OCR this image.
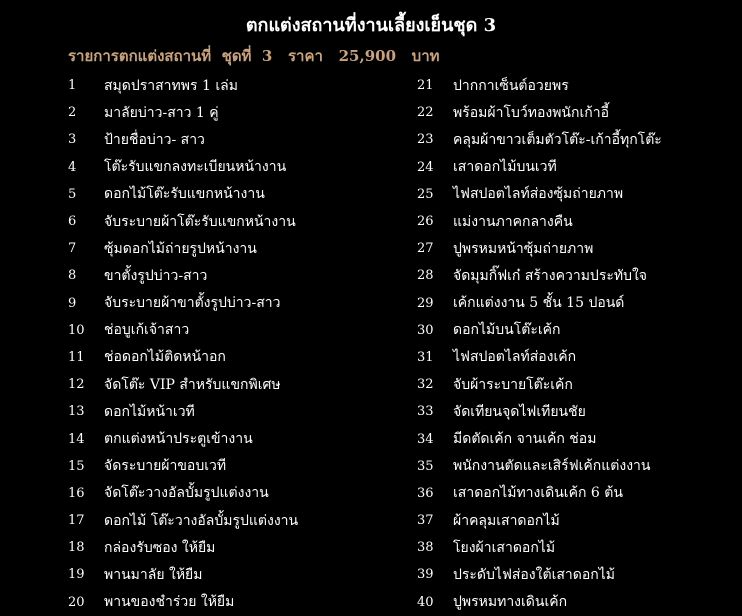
ตกแต่งสถานที่งานเลี้ยงเย็นชุด 3
รายการตกแต่งสถานที่  ชุดที่  3   ราคา   25,900   บาท
1	สมุดปราสาทพร 1 เล่ม
2	มาลัยบ่าว-สาว 1 คู่
3	ป้ายชื่อบ่าว- สาว
4	โต๊ะรับแขกลงทะเบียนหน้างาน
5	ดอกไม้โต๊ะรับแขกหน้างาน
6	จับระบายผ้าโต๊ะรับแขกหน้างาน
7	ซุ้มดอกไม้ถ่ายรูปหน้างาน
8	ขาตั้งรูปบ่าว-สาว
9	จับระบายผ้าขาตั้งรูปบ่าว-สาว
10	ช่อบูเก้เจ้าสาว
11	ช่อดอกไม้ติดหน้าอก
12	จัดโต๊ะ VIP สำหรับแขกพิเศษ
13	ดอกไม้หน้าเวที
14	ตกแต่งหน้าประตูเข้างาน
15	จัดระบายผ้าขอบเวที
16	จัดโต๊ะวางอัลบั้มรูปแต่งงาน
17	ดอกไม้ โต๊ะวางอัลบั้มรูปแต่งงาน
18	กล่องรับซอง ให้ยืม
19	พานมาลัย ให้ยืม
20	พานของชำร่วย ให้ยืม
21	ปากกาเซ็นต์อวยพร
22	พร้อมผ้าโบว์ทองพนักเก้าอี้
23	คลุมผ้าขาวเต็มตัวโต๊ะ-เก้าอี้ทุกโต๊ะ
24	เสาดอกไม้บนเวที
25	ไฟสปอตไลท์ส่องซุ้มถ่ายภาพ
26	แม่งานภาคกลางคืน
27	ปูพรหมหน้าซุ้มถ่ายภาพ
28	จัดมุมกิ๊ฟเก๋ สร้างความประทับใจ
29	เค้กแต่งงาน 5 ชั้น 15 ปอนด์
30	ดอกไม้บนโต๊ะเค้ก
31	ไฟสปอตไลท์ส่องเค้ก
32	จับผ้าระบายโต๊ะเค้ก
33	จัดเทียนจุดไฟเทียนชัย
34	มีดตัดเค้ก จานเค้ก ช่อม
35	พนักงานตัดและเสิร์ฟเค้กแต่งงาน
36	เสาดอกไม้ทางเดินเค้ก 6 ต้น
37	ผ้าคลุมเสาดอกไม้
38	โยงผ้าเสาดอกไม้
39	ประดับไฟส่องใต้เสาดอกไม้
40	ปูพรหมทางเดินเค้ก
